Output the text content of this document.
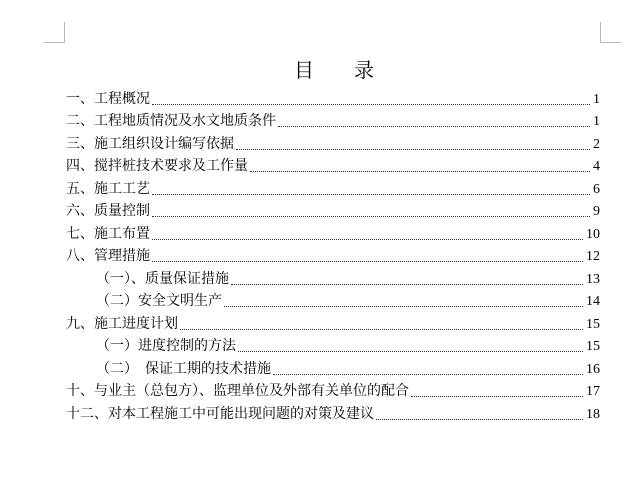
目　　录
一、工程概况	1
二、工程地质情况及水文地质条件	1
三、施工组织设计编写依据	2
四、搅拌桩技术要求及工作量	4
五、施工工艺	6
六、质量控制	9
七、施工布置	10
八、管理措施	12
（一）、质量保证措施	13
（二）安全文明生产	14
九、施工进度计划	15
（一）进度控制的方法	15
（二）　保证工期的技术措施	16
十、与业主（总包方）、监理单位及外部有关单位的配合	17
十二、对本工程施工中可能出现问题的对策及建议	18
